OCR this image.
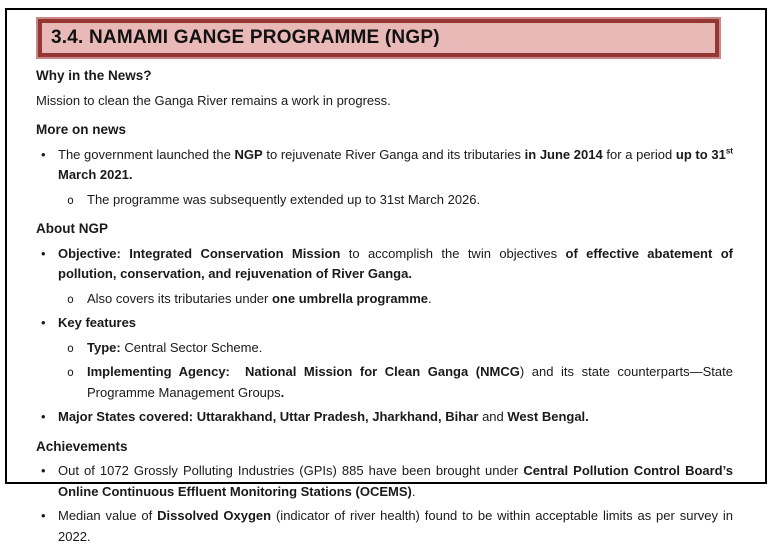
3.4. NAMAMI GANGE PROGRAMME (NGP)
Why in the News?
Mission to clean the Ganga River remains a work in progress.
More on news
• The government launched the NGP to rejuvenate River Ganga and its tributaries in June 2014 for a period up to 31st March 2021.
o The programme was subsequently extended up to 31st March 2026.
About NGP
• Objective: Integrated Conservation Mission to accomplish the twin objectives of effective abatement of pollution, conservation, and rejuvenation of River Ganga.
o Also covers its tributaries under one umbrella programme.
• Key features
o Type: Central Sector Scheme.
o Implementing Agency:  National Mission for Clean Ganga (NMCG) and its state counterparts—State Programme Management Groups.
• Major States covered: Uttarakhand, Uttar Pradesh, Jharkhand, Bihar and West Bengal.
Achievements
• Out of 1072 Grossly Polluting Industries (GPIs) 885 have been brought under Central Pollution Control Board’s Online Continuous Effluent Monitoring Stations (OCEMS).
• Median value of Dissolved Oxygen (indicator of river health) found to be within acceptable limits as per survey in 2022.
